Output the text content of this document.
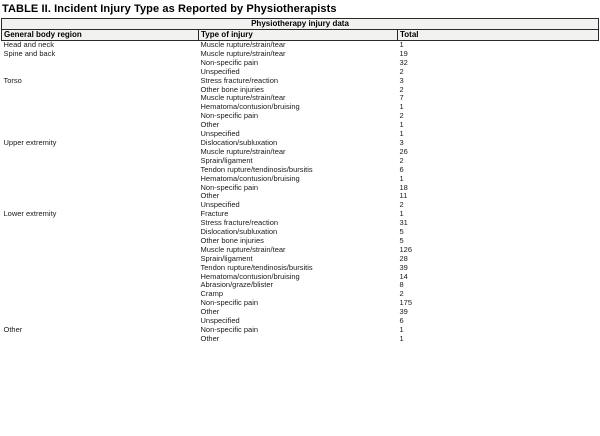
TABLE II. Incident Injury Type as Reported by Physiotherapists
Physiotherapy injury data		
General body region	Type of injury	Total
Head and neck	Muscle rupture/strain/tear	1
Spine and back	Muscle rupture/strain/tear	19
	Non-specific pain	32
	Unspecified	2
Torso	Stress fracture/reaction	3
	Other bone injuries	2
	Muscle rupture/strain/tear	7
	Hematoma/contusion/bruising	1
	Non-specific pain	2
	Other	1
	Unspecified	1
Upper extremity	Dislocation/subluxation	3
	Muscle rupture/strain/tear	26
	Sprain/ligament	2
	Tendon rupture/tendinosis/bursitis	6
	Hematoma/contusion/bruising	1
	Non-specific pain	18
	Other	11
	Unspecified	2
Lower extremity	Fracture	1
	Stress fracture/reaction	31
	Dislocation/subluxation	5
	Other bone injuries	5
	Muscle rupture/strain/tear	126
	Sprain/ligament	28
	Tendon rupture/tendinosis/bursitis	39
	Hematoma/contusion/bruising	14
	Abrasion/graze/blister	8
	Cramp	2
	Non-specific pain	175
	Other	39
	Unspecified	6
Other	Non-specific pain	1
	Other	1
